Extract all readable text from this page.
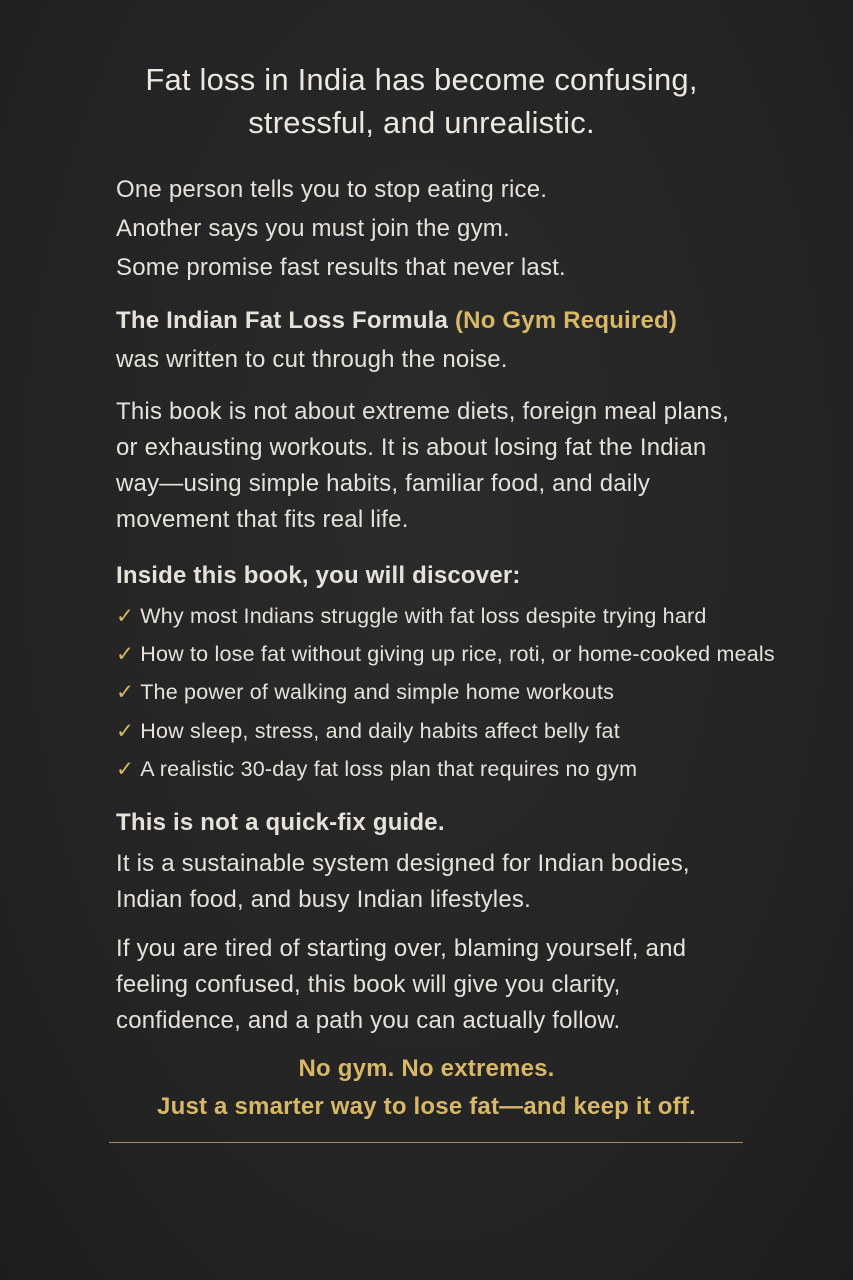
Fat loss in India has become confusing,
stressful, and unrealistic.
One person tells you to stop eating rice.
Another says you must join the gym.
Some promise fast results that never last.
The Indian Fat Loss Formula (No Gym Required)
was written to cut through the noise.
This book is not about extreme diets, foreign meal plans,
or exhausting workouts. It is about losing fat the Indian
way—using simple habits, familiar food, and daily
movement that fits real life.
Inside this book, you will discover:
✓ Why most Indians struggle with fat loss despite trying hard
✓ How to lose fat without giving up rice, roti, or home-cooked meals
✓ The power of walking and simple home workouts
✓ How sleep, stress, and daily habits affect belly fat
✓ A realistic 30-day fat loss plan that requires no gym
This is not a quick-fix guide.
It is a sustainable system designed for Indian bodies,
Indian food, and busy Indian lifestyles.
If you are tired of starting over, blaming yourself, and
feeling confused, this book will give you clarity,
confidence, and a path you can actually follow.
No gym. No extremes.
Just a smarter way to lose fat—and keep it off.
